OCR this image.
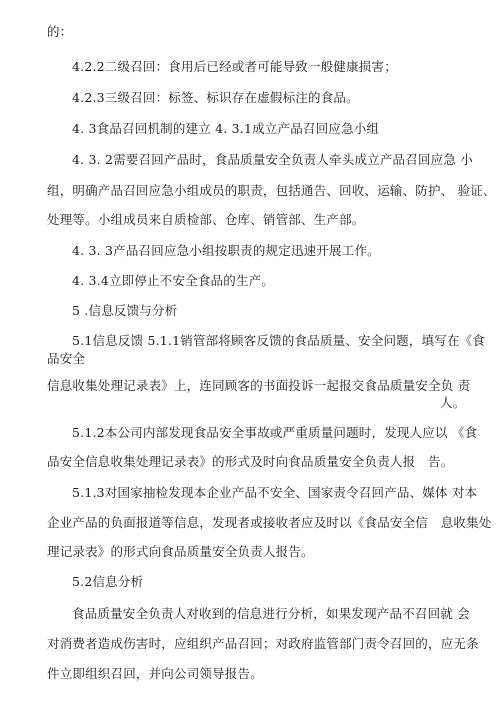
的：
4.2.2二级召回：食用后已经或者可能导致一般健康损害；
4.2.3三级召回：标签、标识存在虚假标注的食品。
4. 3食品召回机制的建立 4. 3.1成立产品召回应急小组
4. 3. 2需要召回产品时，食品质量安全负责人牵头成立产品召回应急 小
组，明确产品召回应急小组成员的职责，包括通告、回收、运输、防护、 验证、
处理等。小组成员来自质检部、仓库、销管部、生产部。
4. 3. 3产品召回应急小组按职责的规定迅速开展工作。
4. 3.4立即停止不安全食品的生产。
5 .信息反馈与分析
5.1信息反馈 5.1.1销管部将顾客反馈的食品质量、安全问题，填写在《食
品安全
信息收集处理记录表》上，连同顾客的书面投诉一起报交食品质量安全负 责
人。
5.1.2本公司内部发现食品安全事故或严重质量问题时，发现人应以 《食
品安全信息收集处理记录表》的形式及时向食品质量安全负责人报　告。
5.1.3对国家抽检发现本企业产品不安全、国家责令召回产品、媒体 对本
企业产品的负面报道等信息，发现者或接收者应及时以《食品安全信　息收集处
理记录表》的形式向食品质量安全负责人报告。
5.2信息分析
食品质量安全负责人对收到的信息进行分析，如果发现产品不召回就 会
对消费者造成伤害时，应组织产品召回；对政府监管部门责令召回的，应无条
件立即组织召回，并向公司领导报告。
